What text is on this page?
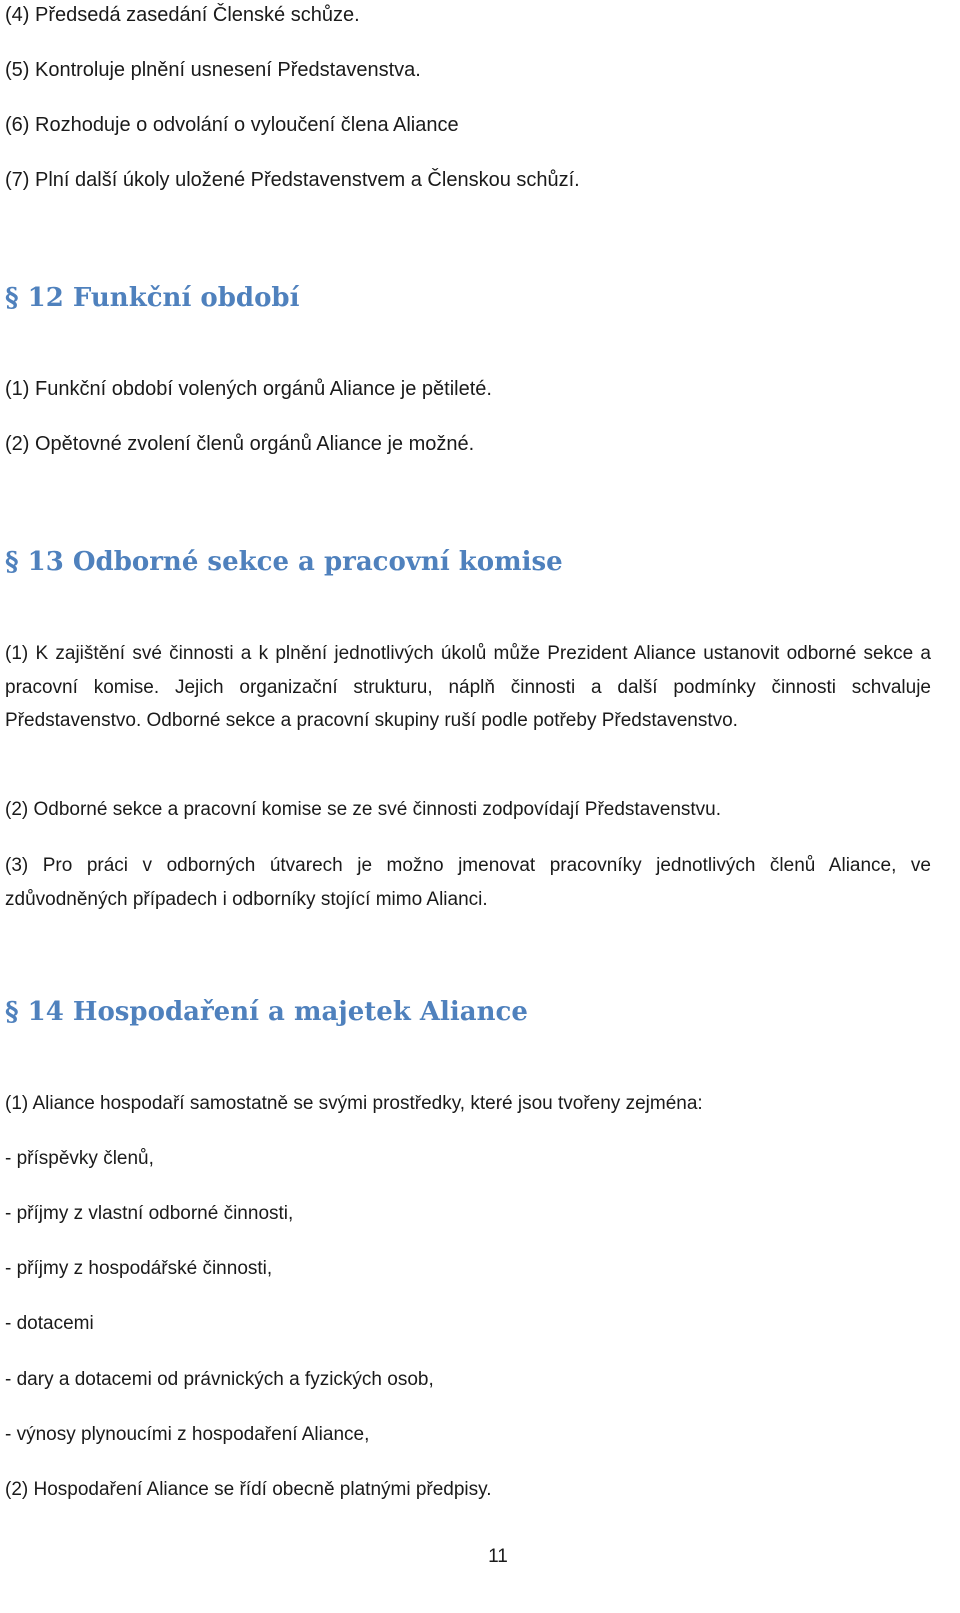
(4) Předsedá zasedání Členské schůze.
(5) Kontroluje plnění usnesení Představenstva.
(6) Rozhoduje o odvolání o vyloučení člena Aliance
(7) Plní další úkoly uložené Představenstvem a Členskou schůzí.
§ 12 Funkční období
(1) Funkční období volených orgánů Aliance je pětileté.
(2) Opětovné zvolení členů orgánů Aliance je možné.
§ 13 Odborné sekce a pracovní komise
(1) K zajištění své činnosti a k plnění jednotlivých úkolů může Prezident Aliance ustanovit odborné sekce a pracovní komise. Jejich organizační strukturu, náplň činnosti a další podmínky činnosti schvaluje Představenstvo. Odborné sekce a pracovní skupiny ruší podle potřeby Představenstvo.
(2) Odborné sekce a pracovní komise se ze své činnosti zodpovídají Představenstvu.
(3) Pro práci v odborných útvarech je možno jmenovat pracovníky jednotlivých členů Aliance, ve zdůvodněných případech i odborníky stojící mimo Alianci.
§ 14 Hospodaření a majetek Aliance
(1) Aliance hospodaří samostatně se svými prostředky, které jsou tvořeny zejména:
- příspěvky členů,
- příjmy z vlastní odborné činnosti,
- příjmy z hospodářské činnosti,
- dotacemi
- dary a dotacemi od právnických a fyzických osob,
- výnosy plynoucími z hospodaření Aliance,
(2) Hospodaření Aliance se řídí obecně platnými předpisy.
11
